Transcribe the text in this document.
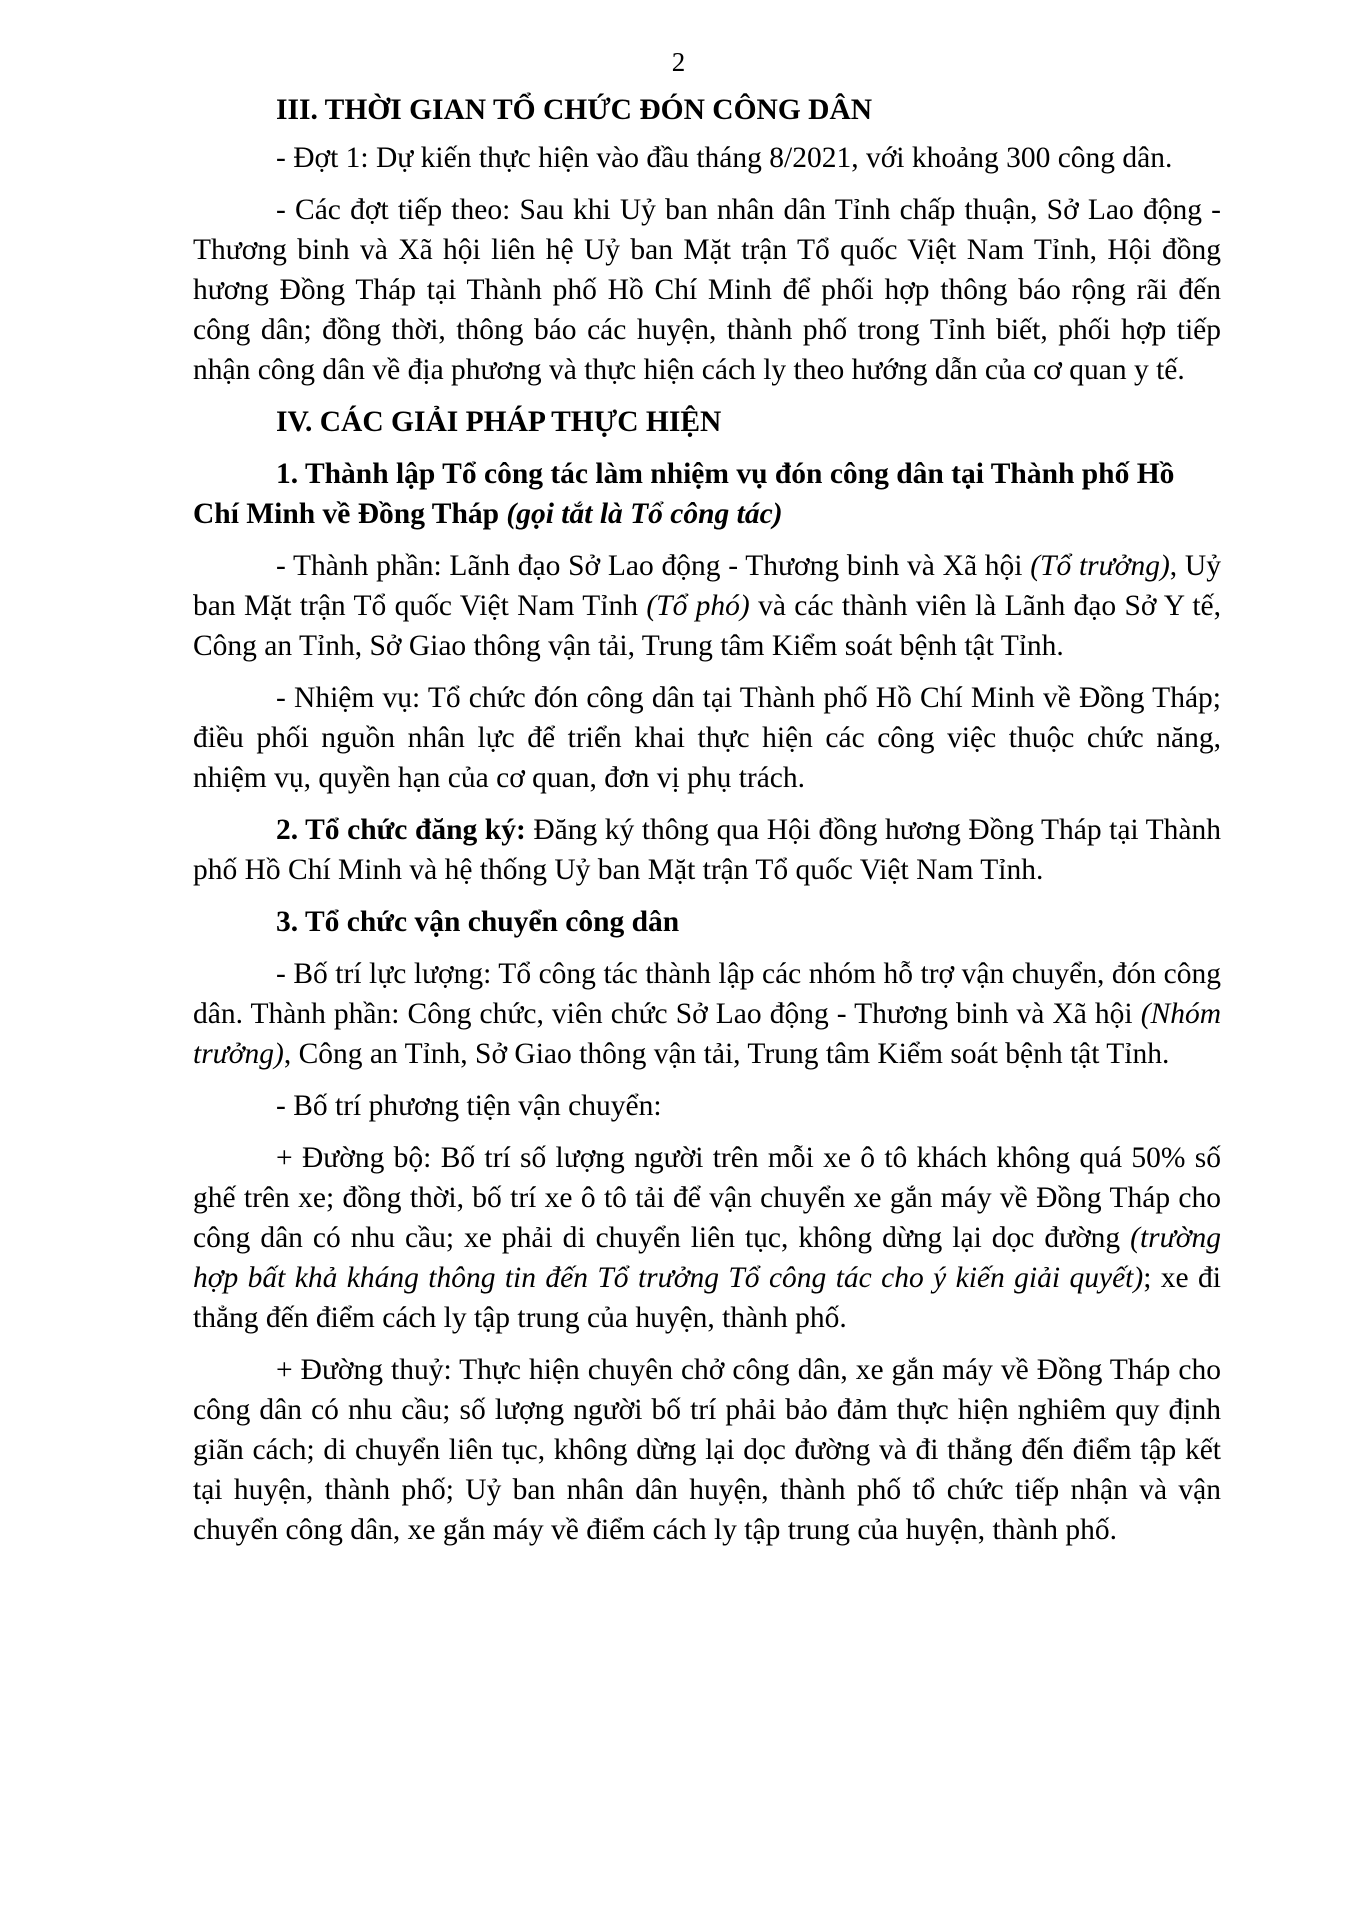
2

III. THỜI GIAN TỔ CHỨC ĐÓN CÔNG DÂN

- Đợt 1: Dự kiến thực hiện vào đầu tháng 8/2021, với khoảng 300 công dân.

- Các đợt tiếp theo: Sau khi Uỷ ban nhân dân Tỉnh chấp thuận, Sở Lao động - Thương binh và Xã hội liên hệ Uỷ ban Mặt trận Tổ quốc Việt Nam Tỉnh, Hội đồng hương Đồng Tháp tại Thành phố Hồ Chí Minh để phối hợp thông báo rộng rãi đến công dân; đồng thời, thông báo các huyện, thành phố trong Tỉnh biết, phối hợp tiếp nhận công dân về địa phương và thực hiện cách ly theo hướng dẫn của cơ quan y tế.

IV. CÁC GIẢI PHÁP THỰC HIỆN

1. Thành lập Tổ công tác làm nhiệm vụ đón công dân tại Thành phố Hồ Chí Minh về Đồng Tháp (gọi tắt là Tổ công tác)

- Thành phần: Lãnh đạo Sở Lao động - Thương binh và Xã hội (Tổ trưởng), Uỷ ban Mặt trận Tổ quốc Việt Nam Tỉnh (Tổ phó) và các thành viên là Lãnh đạo Sở Y tế, Công an Tỉnh, Sở Giao thông vận tải, Trung tâm Kiểm soát bệnh tật Tỉnh.

- Nhiệm vụ: Tổ chức đón công dân tại Thành phố Hồ Chí Minh về Đồng Tháp; điều phối nguồn nhân lực để triển khai thực hiện các công việc thuộc chức năng, nhiệm vụ, quyền hạn của cơ quan, đơn vị phụ trách.

2. Tổ chức đăng ký: Đăng ký thông qua Hội đồng hương Đồng Tháp tại Thành phố Hồ Chí Minh và hệ thống Uỷ ban Mặt trận Tổ quốc Việt Nam Tỉnh.

3. Tổ chức vận chuyển công dân

- Bố trí lực lượng: Tổ công tác thành lập các nhóm hỗ trợ vận chuyển, đón công dân. Thành phần: Công chức, viên chức Sở Lao động - Thương binh và Xã hội (Nhóm trưởng), Công an Tỉnh, Sở Giao thông vận tải, Trung tâm Kiểm soát bệnh tật Tỉnh.

- Bố trí phương tiện vận chuyển:

+ Đường bộ: Bố trí số lượng người trên mỗi xe ô tô khách không quá 50% số ghế trên xe; đồng thời, bố trí xe ô tô tải để vận chuyển xe gắn máy về Đồng Tháp cho công dân có nhu cầu; xe phải di chuyển liên tục, không dừng lại dọc đường (trường hợp bất khả kháng thông tin đến Tổ trưởng Tổ công tác cho ý kiến giải quyết); xe đi thẳng đến điểm cách ly tập trung của huyện, thành phố.

+ Đường thuỷ: Thực hiện chuyên chở công dân, xe gắn máy về Đồng Tháp cho công dân có nhu cầu; số lượng người bố trí phải bảo đảm thực hiện nghiêm quy định giãn cách; di chuyển liên tục, không dừng lại dọc đường và đi thẳng đến điểm tập kết tại huyện, thành phố; Uỷ ban nhân dân huyện, thành phố tổ chức tiếp nhận và vận chuyển công dân, xe gắn máy về điểm cách ly tập trung của huyện, thành phố.
